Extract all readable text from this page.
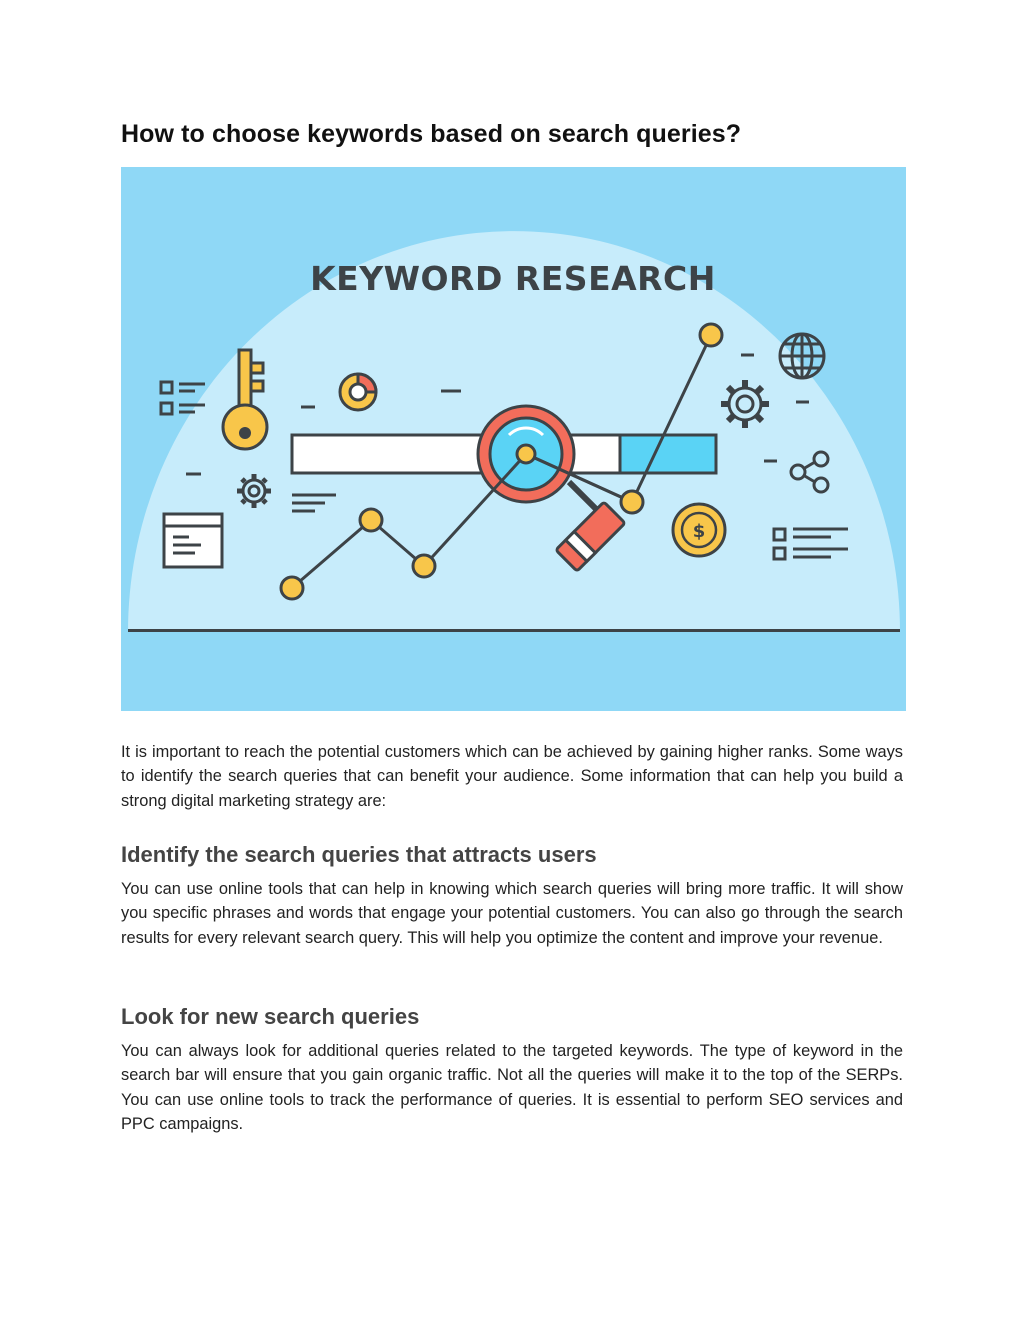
How to choose keywords based on search queries?
KEYWORD RESEARCH
$

It is important to reach the potential customers which can be achieved by gaining higher ranks. Some ways to identify the search queries that can benefit your audience. Some information that can help you build a strong digital marketing strategy are:

Identify the search queries that attracts users

You can use online tools that can help in knowing which search queries will bring more traffic. It will show you specific phrases and words that engage your potential customers. You can also go through the search results for every relevant search query. This will help you optimize the content and improve your revenue.

Look for new search queries

You can always look for additional queries related to the targeted keywords. The type of keyword in the search bar will ensure that you gain organic traffic. Not all the queries will make it to the top of the SERPs. You can use online tools to track the performance of queries. It is essential to perform SEO services and PPC campaigns.
